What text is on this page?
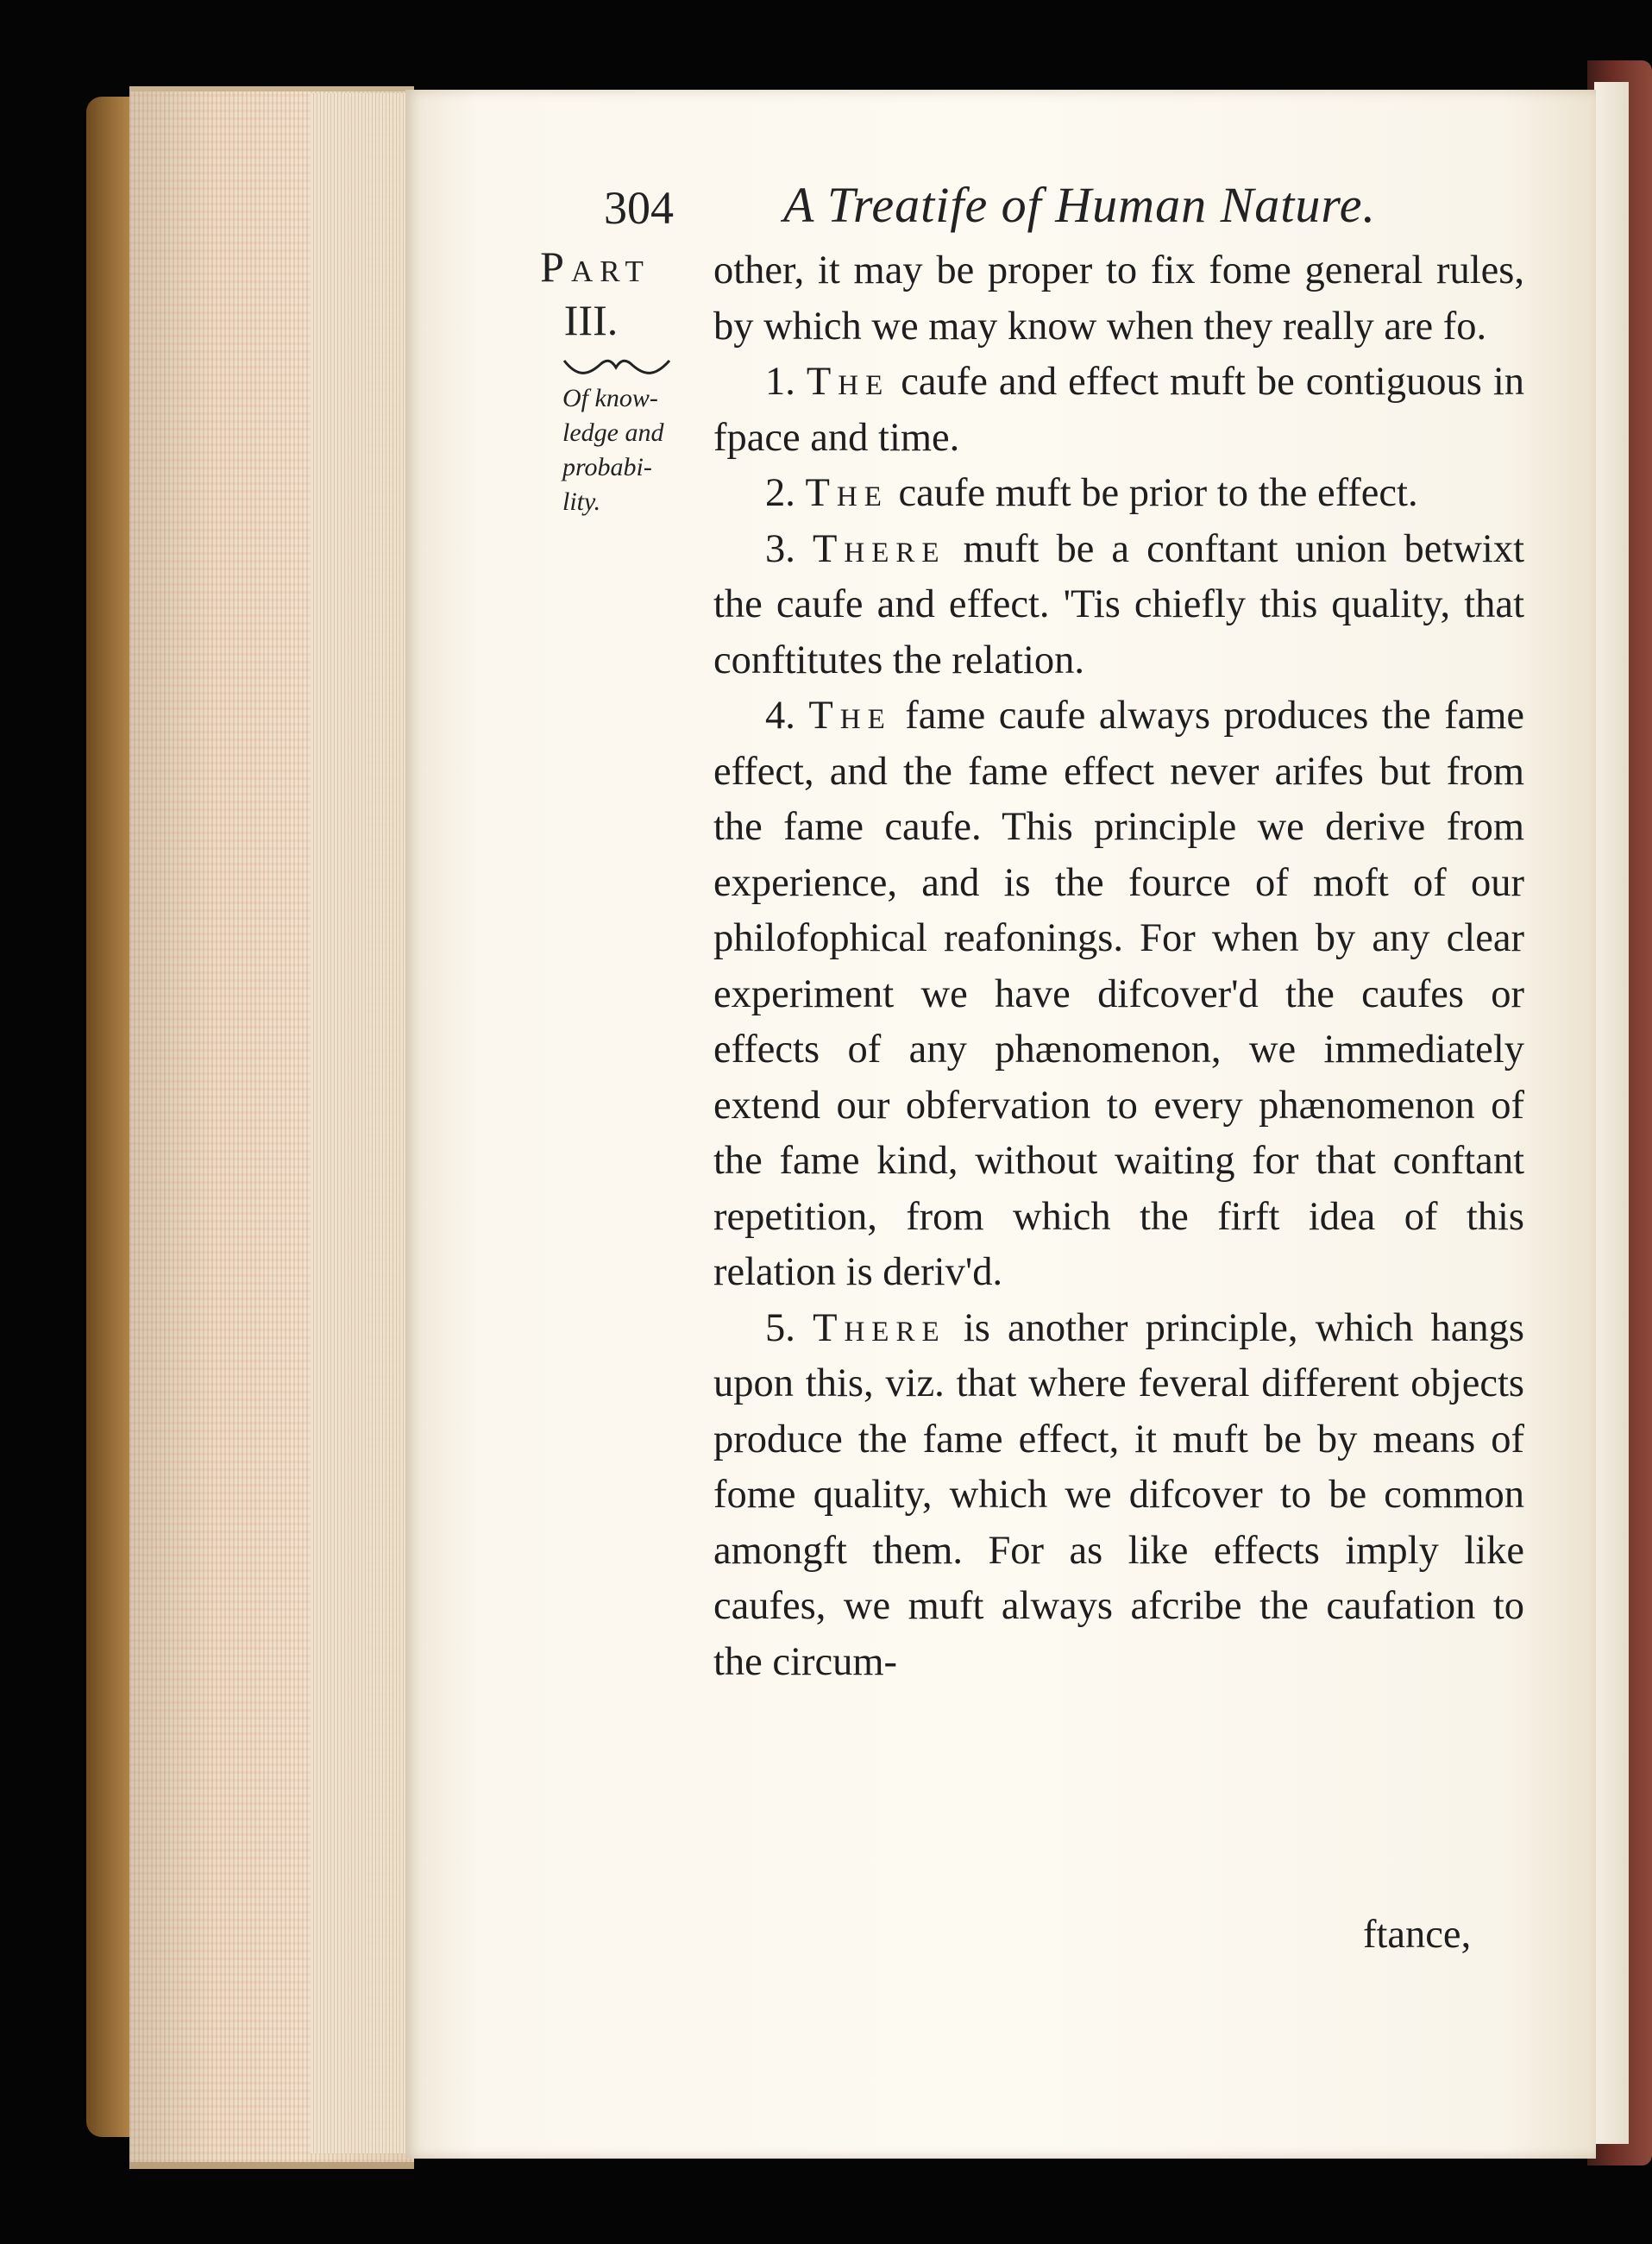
304 A Treatife of Human Nature.
Part
III.
Of know-
ledge and
probabi-
lity.

other, it may be proper to fix fome general rules, by which we may know when they really are fo.

1. The caufe and effect muft be contiguous in fpace and time.

2. The caufe muft be prior to the effect.

3. There muft be a conftant union betwixt the caufe and effect. 'Tis chiefly this quality, that conftitutes the relation.

4. The fame caufe always produces the fame effect, and the fame effect never arifes but from the fame caufe. This principle we derive from experience, and is the fource of moft of our philofophical reafonings. For when by any clear experiment we have difcover'd the caufes or effects of any phænomenon, we immediately extend our obfervation to every phænomenon of the fame kind, without waiting for that conftant repetition, from which the firft idea of this relation is deriv'd.

5. There is another principle, which hangs upon this, viz. that where feveral different objects produce the fame effect, it muft be by means of fome quality, which we difcover to be common amongft them. For as like effects imply like caufes, we muft always afcribe the caufation to the circum-

ftance,
